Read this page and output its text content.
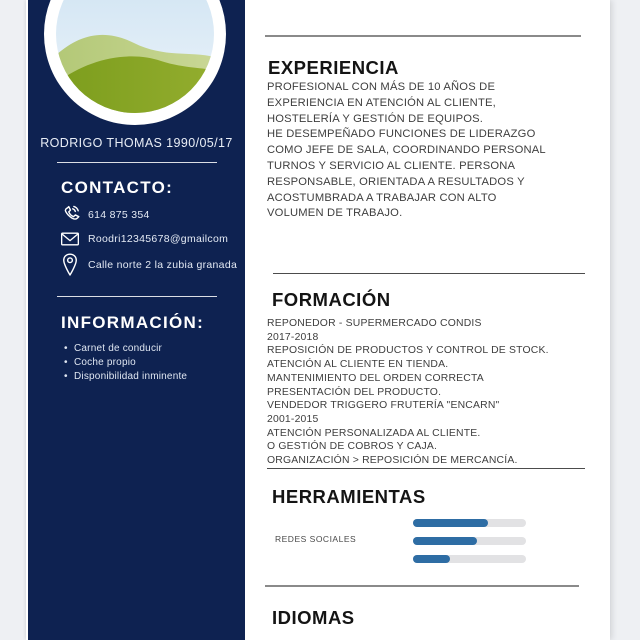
RODRIGO THOMAS 1990/05/17
CONTACTO:
614 875 354
Roodri12345678@gmailcom
Calle norte 2 la zubia granada
INFORMACIÓN:
• Carnet de conducir
• Coche propio
• Disponibilidad inminente
EXPERIENCIA
PROFESIONAL CON MÁS DE 10 AÑOS DE
EXPERIENCIA EN ATENCIÓN AL CLIENTE,
HOSTELERÍA Y GESTIÓN DE EQUIPOS.
HE DESEMPEÑADO FUNCIONES DE LIDERAZGO
COMO JEFE DE SALA, COORDINANDO PERSONAL
TURNOS Y SERVICIO AL CLIENTE. PERSONA
RESPONSABLE, ORIENTADA A RESULTADOS Y
ACOSTUMBRADA A TRABAJAR CON ALTO
VOLUMEN DE TRABAJO.
FORMACIÓN
REPONEDOR - SUPERMERCADO CONDIS
2017-2018
REPOSICIÓN DE PRODUCTOS Y CONTROL DE STOCK.
ATENCIÓN AL CLIENTE EN TIENDA.
MANTENIMIENTO DEL ORDEN CORRECTA
PRESENTACIÓN DEL PRODUCTO.
VENDEDOR TRIGGERO FRUTERÍA "ENCARN"
2001-2015
ATENCIÓN PERSONALIZADA AL CLIENTE.
O GESTIÓN DE COBROS Y CAJA.
ORGANIZACIÓN > REPOSICIÓN DE MERCANCÍA.
HERRAMIENTAS
REDES SOCIALES
IDIOMAS
